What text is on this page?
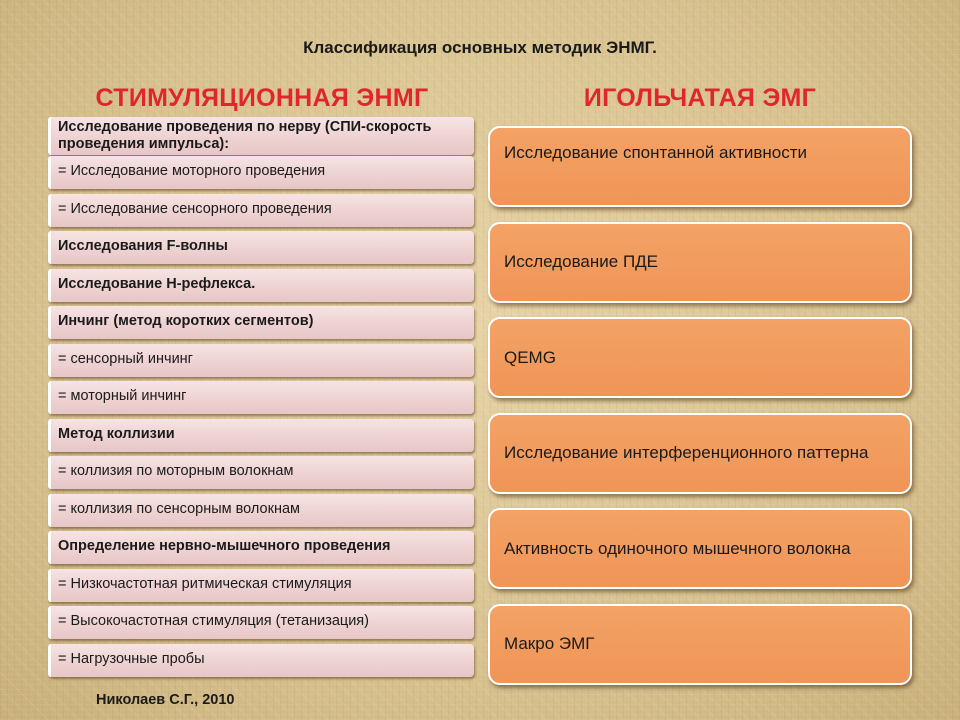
Классификация основных методик ЭНМГ.
СТИМУЛЯЦИОННАЯ ЭНМГ	ИГОЛЬЧАТАЯ ЭМГ
Исследование проведения по нерву (СПИ-скорость проведения импульса):
= Исследование моторного проведения
= Исследование сенсорного проведения
Исследования F-волны
Исследование Н-рефлекса.
Инчинг (метод коротких сегментов)
= сенсорный инчинг
= моторный инчинг
Метод коллизии
= коллизия по моторным волокнам
= коллизия по сенсорным волокнам
Определение нервно-мышечного проведения
= Низкочастотная ритмическая стимуляция
= Высокочастотная стимуляция (тетанизация)
= Нагрузочные пробы
Исследование спонтанной активности
Исследование ПДЕ
QEMG
Исследование интерференционного паттерна
Активность одиночного мышечного волокна
Макро ЭМГ
Николаев С.Г., 2010
